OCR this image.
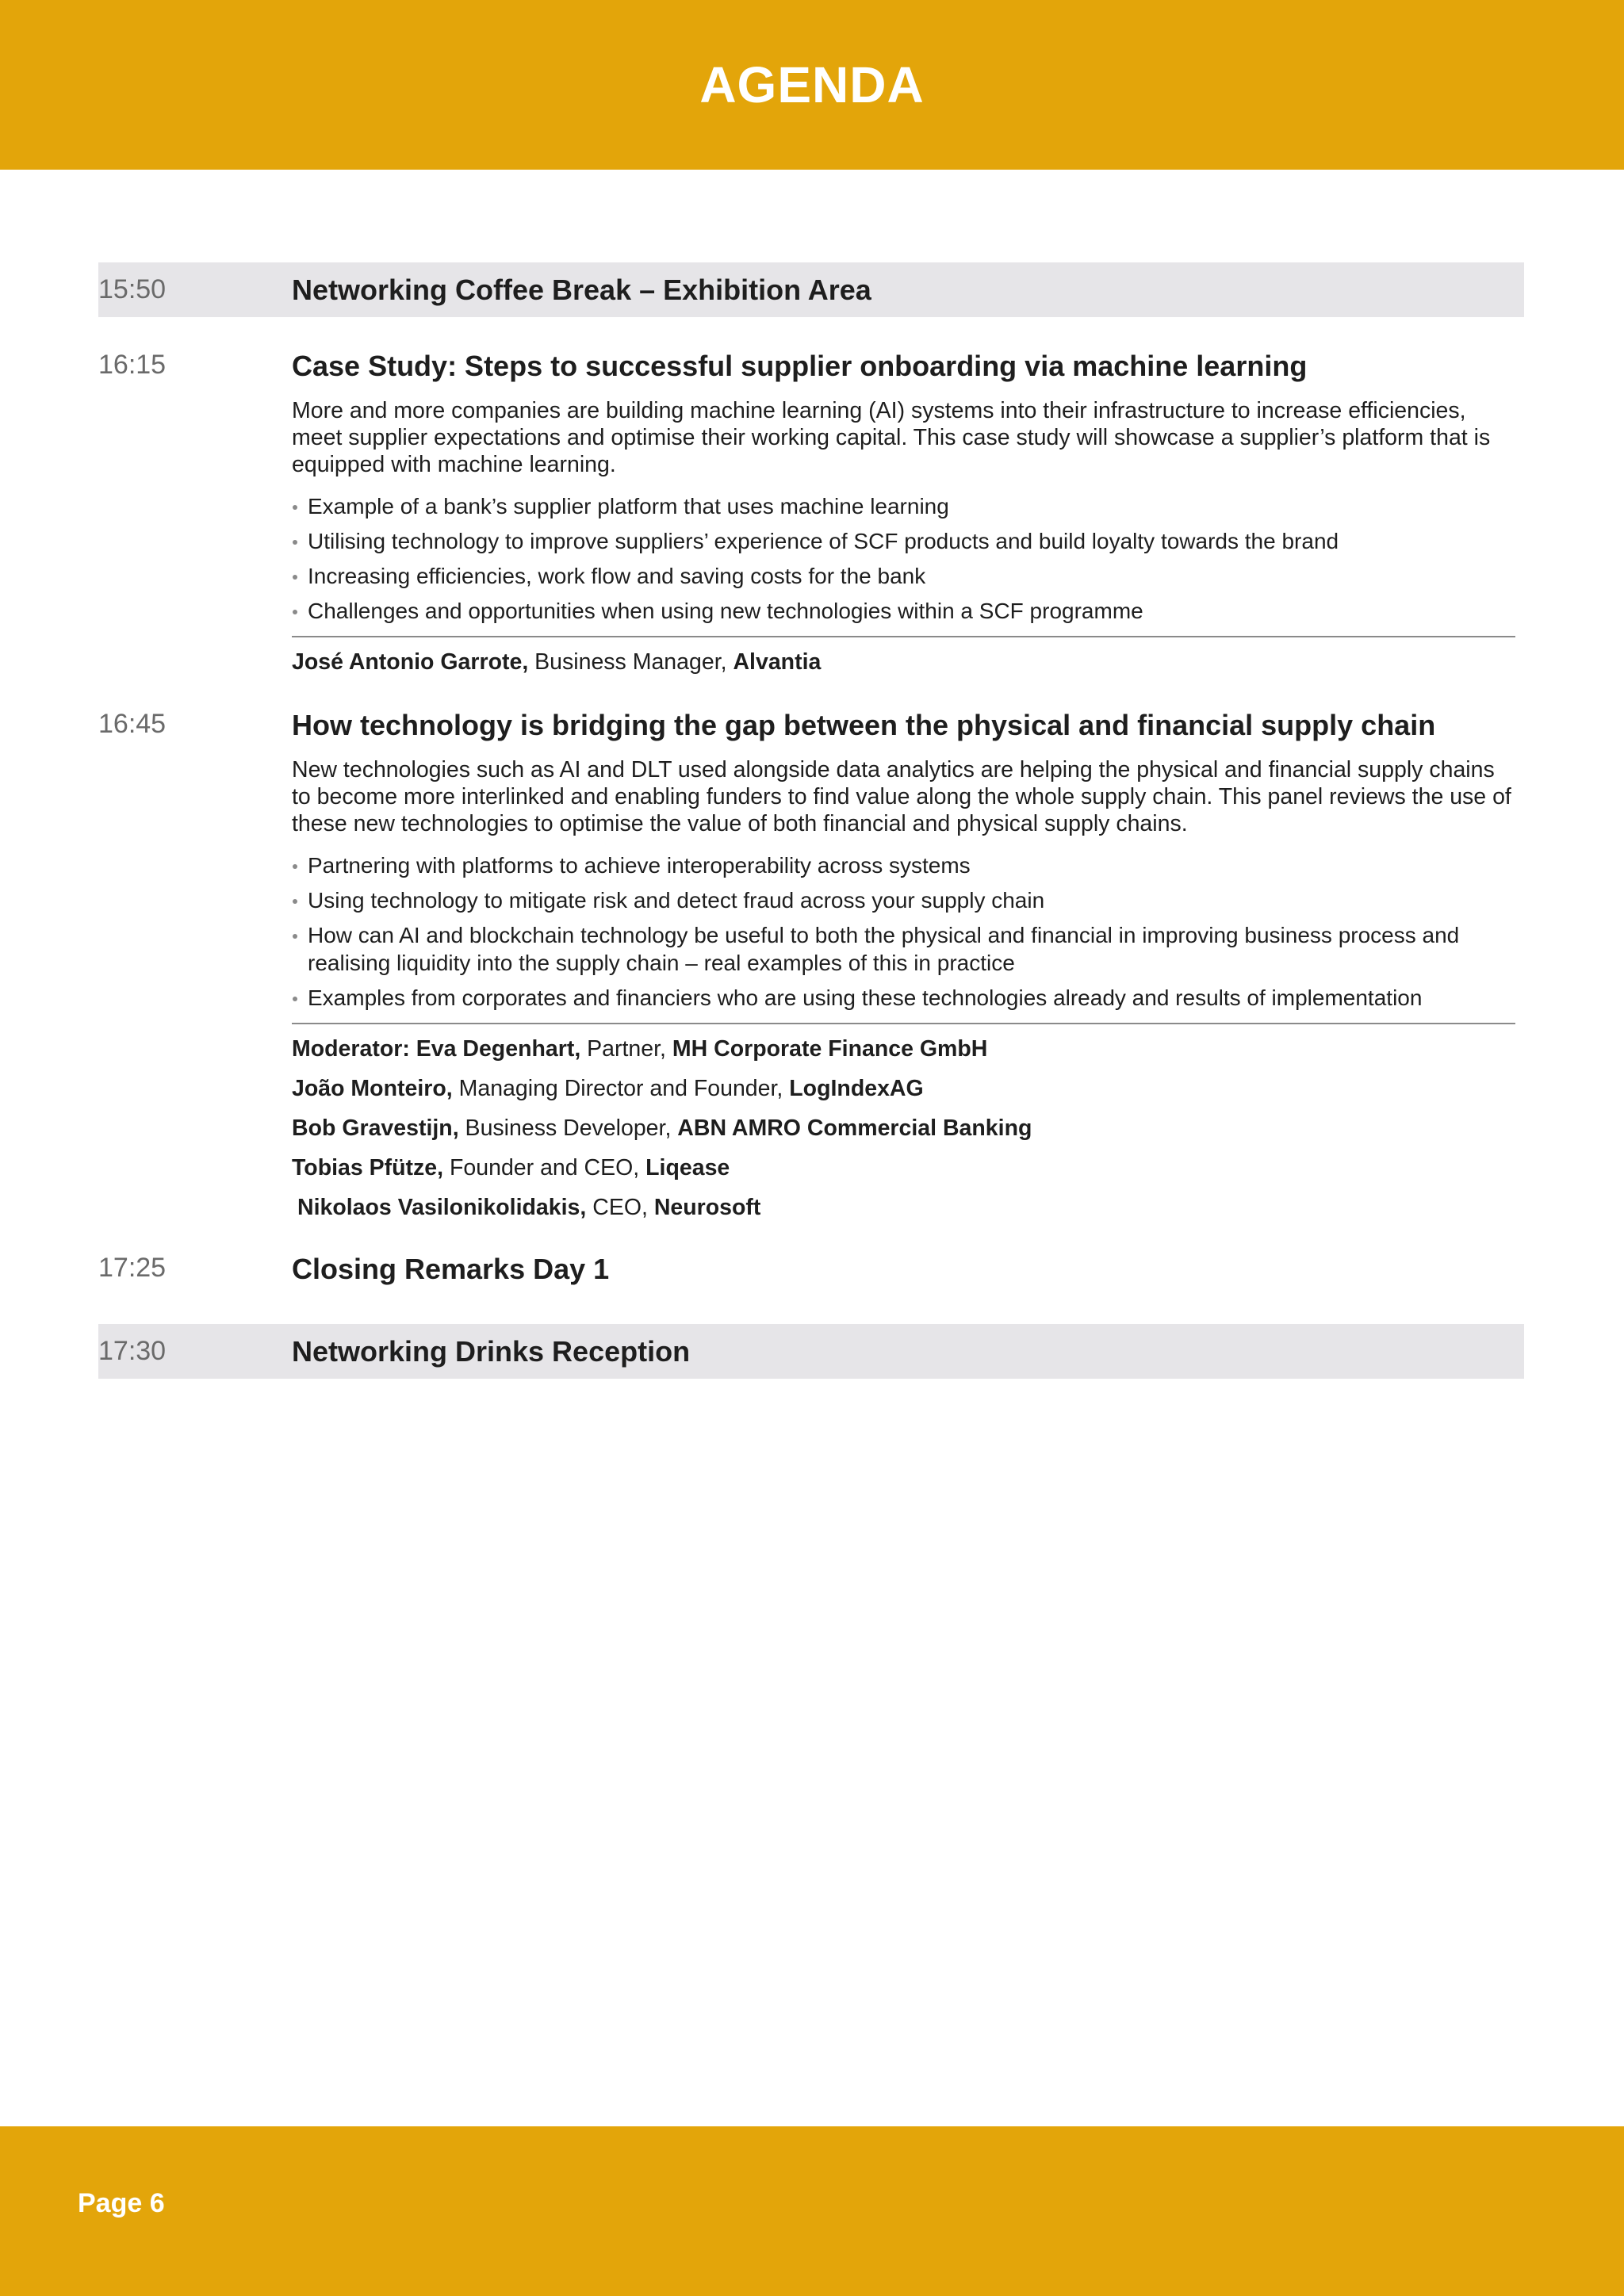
AGENDA
15:50	Networking Coffee Break – Exhibition Area
16:15	Case Study: Steps to successful supplier onboarding via machine learning
More and more companies are building machine learning (AI) systems into their infrastructure to increase efficiencies, meet supplier expectations and optimise their working capital. This case study will showcase a supplier’s platform that is equipped with machine learning.
Example of a bank’s supplier platform that uses machine learning
Utilising technology to improve suppliers’ experience of SCF products and build loyalty towards the brand
Increasing efficiencies, work flow and saving costs for the bank
Challenges and opportunities when using new technologies within a SCF programme
José Antonio Garrote, Business Manager, Alvantia
16:45	How technology is bridging the gap between the physical and financial supply chain
New technologies such as AI and DLT used alongside data analytics are helping the physical and financial supply chains to become more interlinked and enabling funders to find value along the whole supply chain. This panel reviews the use of these new technologies to optimise the value of both financial and physical supply chains.
Partnering with platforms to achieve interoperability across systems
Using technology to mitigate risk and detect fraud across your supply chain
How can AI and blockchain technology be useful to both the physical and financial in improving business process and realising liquidity into the supply chain – real examples of this in practice
Examples from corporates and financiers who are using these technologies already and results of implementation
Moderator: Eva Degenhart, Partner, MH Corporate Finance GmbH
João Monteiro, Managing Director and Founder, LogIndexAG
Bob Gravestijn, Business Developer, ABN AMRO Commercial Banking
Tobias Pfütze, Founder and CEO, Liqease
Nikolaos Vasilonikolidakis, CEO, Neurosoft
17:25	Closing Remarks Day 1
17:30	Networking Drinks Reception
Page 6
